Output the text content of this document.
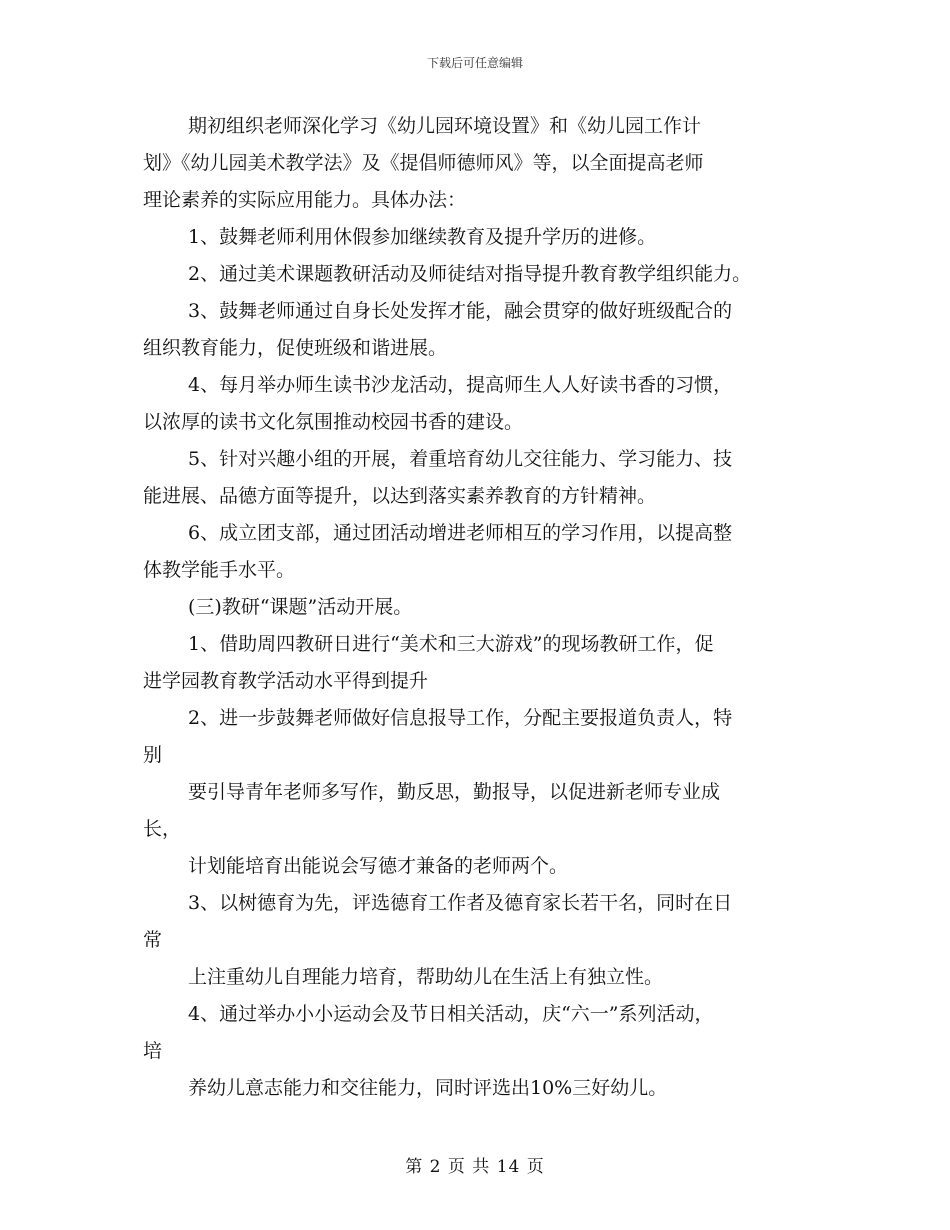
下载后可任意编辑

期初组织老师深化学习《幼儿园环境设置》和《幼儿园工作计

划》《幼儿园美术教学法》及《提倡师德师风》等，以全面提高老师

理论素养的实际应用能力。具体办法：

1、鼓舞老师利用休假参加继续教育及提升学历的进修。

2、通过美术课题教研活动及师徒结对指导提升教育教学组织能力。

3、鼓舞老师通过自身长处发挥才能，融会贯穿的做好班级配合的

组织教育能力，促使班级和谐进展。

4、每月举办师生读书沙龙活动，提高师生人人好读书香的习惯，

以浓厚的读书文化氛围推动校园书香的建设。

5、针对兴趣小组的开展，着重培育幼儿交往能力、学习能力、技

能进展、品德方面等提升，以达到落实素养教育的方针精神。

6、成立团支部，通过团活动增进老师相互的学习作用，以提高整

体教学能手水平。

(三)教研“课题”活动开展。

1、借助周四教研日进行“美术和三大游戏”的现场教研工作，促

进学园教育教学活动水平得到提升

2、进一步鼓舞老师做好信息报导工作，分配主要报道负责人，特

别

要引导青年老师多写作，勤反思，勤报导，以促进新老师专业成

长，

计划能培育出能说会写德才兼备的老师两个。

3、以树德育为先，评选德育工作者及德育家长若干名，同时在日

常

上注重幼儿自理能力培育，帮助幼儿在生活上有独立性。

4、通过举办小小运动会及节日相关活动，庆“六一”系列活动，

培

养幼儿意志能力和交往能力，同时评选出10%三好幼儿。

第 2 页 共 14 页
